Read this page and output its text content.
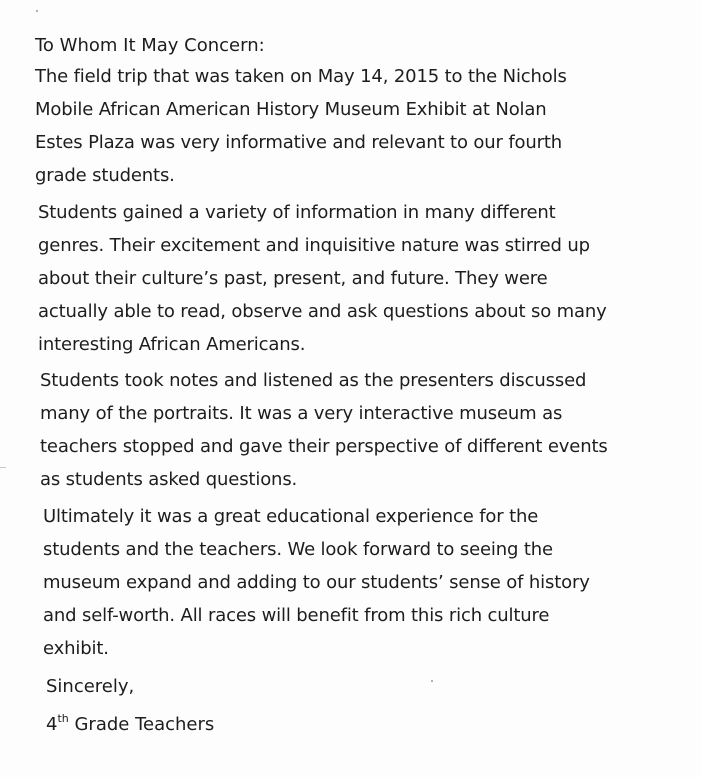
To Whom It May Concern:

The field trip that was taken on May 14, 2015 to the Nichols
Mobile African American History Museum Exhibit at Nolan
Estes Plaza was very informative and relevant to our fourth
grade students.

Students gained a variety of information in many different
genres. Their excitement and inquisitive nature was stirred up
about their culture’s past, present, and future. They were
actually able to read, observe and ask questions about so many
interesting African Americans.

Students took notes and listened as the presenters discussed
many of the portraits. It was a very interactive museum as
teachers stopped and gave their perspective of different events
as students asked questions.

Ultimately it was a great educational experience for the
students and the teachers. We look forward to seeing the
museum expand and adding to our students’ sense of history
and self-worth. All races will benefit from this rich culture
exhibit.

Sincerely,

4th Grade Teachers
